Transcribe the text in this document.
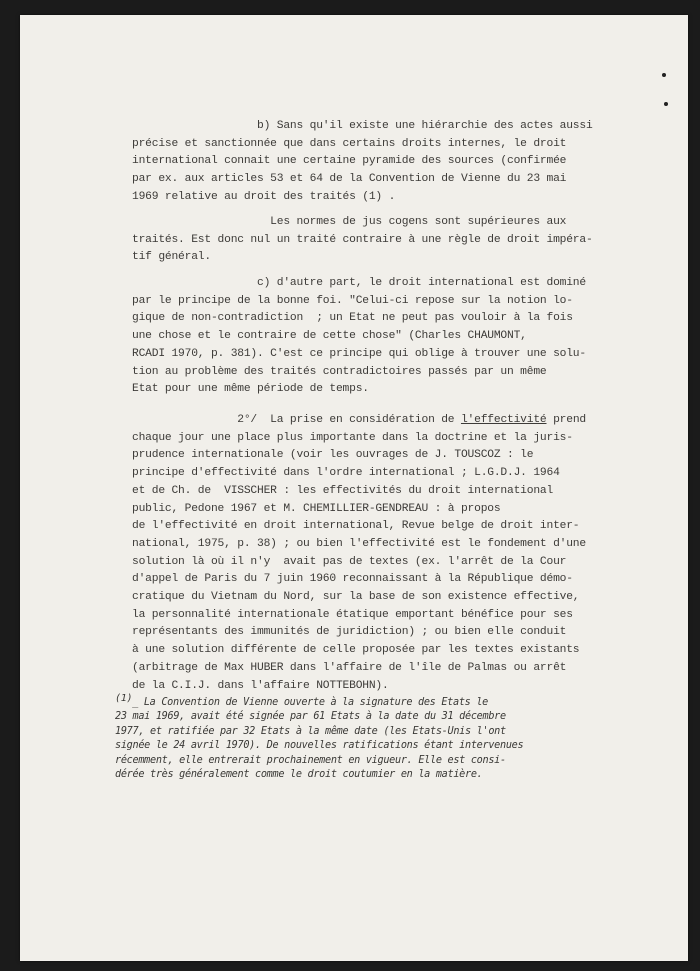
b) Sans qu'il existe une hiérarchie des actes aussi
précise et sanctionnée que dans certains droits internes, le droit
international connait une certaine pyramide des sources (confirmée
par ex. aux articles 53 et 64 de la Convention de Vienne du 23 mai
1969 relative au droit des traités (1) .
Les normes de jus cogens sont supérieures aux
traités. Est donc nul un traité contraire à une règle de droit impéra-
tif général.
c) d'autre part, le droit international est dominé
par le principe de la bonne foi. "Celui-ci repose sur la notion lo-
gique de non-contradiction  ; un Etat ne peut pas vouloir à la fois
une chose et le contraire de cette chose" (Charles CHAUMONT,
RCADI 1970, p. 381). C'est ce principe qui oblige à trouver une solu-
tion au problème des traités contradictoires passés par un même
Etat pour une même période de temps.
2°/  La prise en considération de l'effectivité prend
chaque jour une place plus importante dans la doctrine et la juris-
prudence internationale (voir les ouvrages de J. TOUSCOZ : le
principe d'effectivité dans l'ordre international ; L.G.D.J. 1964
et de Ch. de  VISSCHER : les effectivités du droit international
public, Pedone 1967 et M. CHEMILLIER-GENDREAU : à propos
de l'effectivité en droit international, Revue belge de droit inter-
national, 1975, p. 38) ; ou bien l'effectivité est le fondement d'une
solution là où il n'y  avait pas de textes (ex. l'arrêt de la Cour
d'appel de Paris du 7 juin 1960 reconnaissant à la République démo-
cratique du Vietnam du Nord, sur la base de son existence effective,
la personnalité internationale étatique emportant bénéfice pour ses
représentants des immunités de juridiction) ; ou bien elle conduit
à une solution différente de celle proposée par les textes existants
(arbitrage de Max HUBER dans l'affaire de l'île de Palmas ou arrêt
de la C.I.J. dans l'affaire NOTTEBOHN).
(1)_ La Convention de Vienne ouverte à la signature des Etats le
23 mai 1969, avait été signée par 61 Etats à la date du 31 décembre
1977, et ratifiée par 32 Etats à la même date (les Etats-Unis l'ont
signée le 24 avril 1970). De nouvelles ratifications étant intervenues
récemment, elle entrerait prochainement en vigueur. Elle est consi-
dérée très généralement comme le droit coutumier en la matière.
